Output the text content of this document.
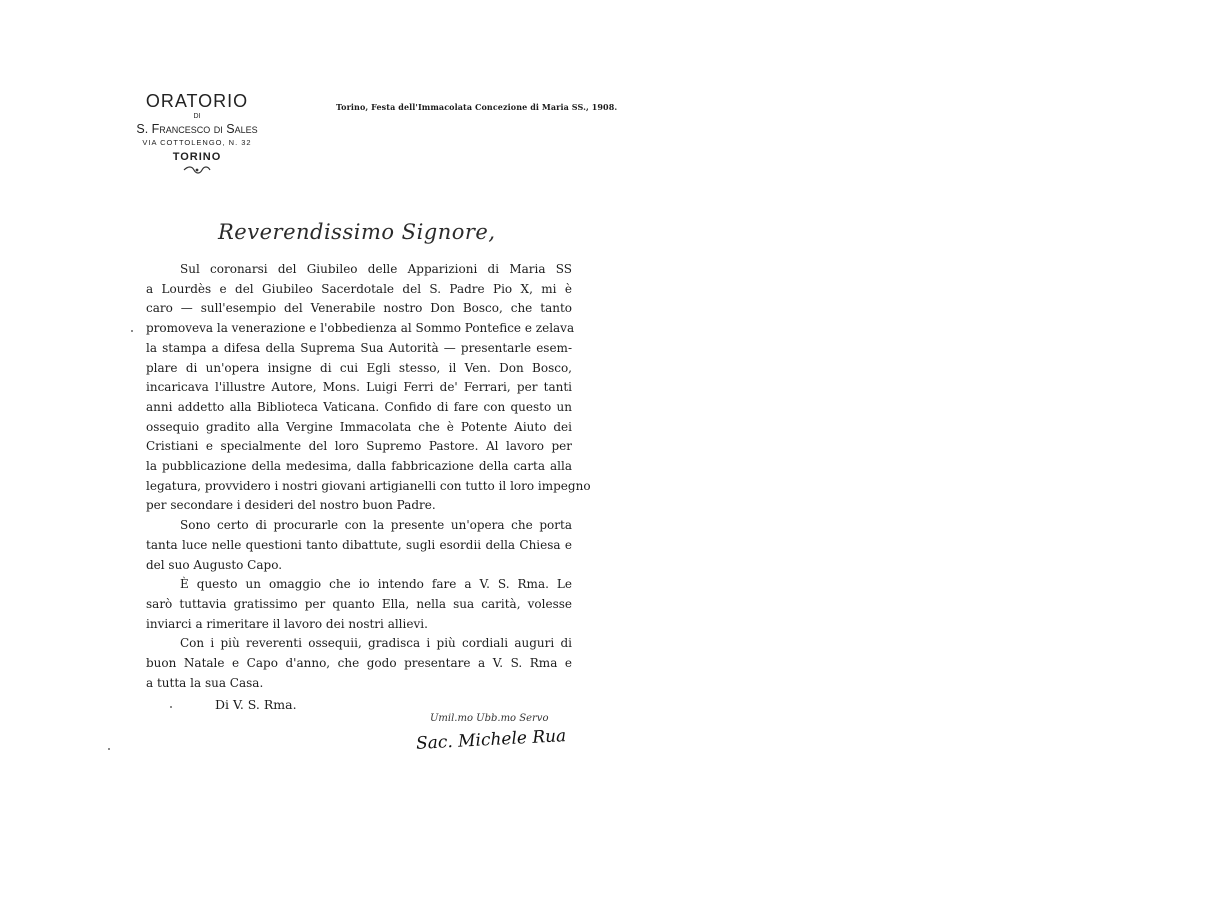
ORATORIO
DI
S. Francesco di Sales
VIA COTTOLENGO, N. 32
TORINO
Torino, Festa dell'Immacolata Concezione di Maria SS., 1908.
Reverendissimo Signore,
Sul coronarsi del Giubileo delle Apparizioni di Maria SS
a Lourdès e del Giubileo Sacerdotale del S. Padre Pio X, mi è
caro — sull'esempio del Venerabile nostro Don Bosco, che tanto
promoveva la venerazione e l'obbedienza al Sommo Pontefice e zelava
la stampa a difesa della Suprema Sua Autorità — presentarle esem-
plare di un'opera insigne di cui Egli stesso, il Ven. Don Bosco,
incaricava l'illustre Autore, Mons. Luigi Ferri de' Ferrari, per tanti
anni addetto alla Biblioteca Vaticana. Confido di fare con questo un
ossequio gradito alla Vergine Immacolata che è Potente Aiuto dei
Cristiani e specialmente del loro Supremo Pastore. Al lavoro per
la pubblicazione della medesima, dalla fabbricazione della carta alla
legatura, provvidero i nostri giovani artigianelli con tutto il loro impegno
per secondare i desideri del nostro buon Padre.
Sono certo di procurarle con la presente un'opera che porta
tanta luce nelle questioni tanto dibattute, sugli esordii della Chiesa e
del suo Augusto Capo.
È questo un omaggio che io intendo fare a V. S. Rma. Le
sarò tuttavia gratissimo per quanto Ella, nella sua carità, volesse
inviarci a rimeritare il lavoro dei nostri allievi.
Con i più reverenti ossequii, gradisca i più cordiali auguri di
buon Natale e Capo d'anno, che godo presentare a V. S. Rma e
a tutta la sua Casa.
Di V. S. Rma.
Umil.mo Ubb.mo Servo
Sac. Michele Rua
